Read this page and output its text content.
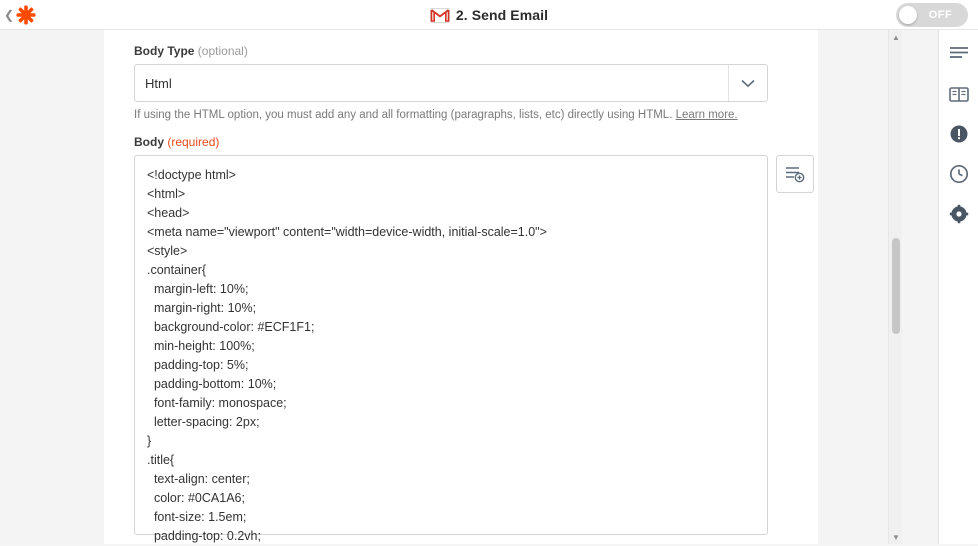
❮	2. Send Email	OFF
Body Type (optional)
Html
If using the HTML option, you must add any and all formatting (paragraphs, lists, etc) directly using HTML. Learn more.
Body (required)
<!doctype html>
<html>
<head>
<meta name="viewport" content="width=device-width, initial-scale=1.0">
<style>
.container{
margin-left: 10%;
margin-right: 10%;
background-color: #ECF1F1;
min-height: 100%;
padding-top: 5%;
padding-bottom: 10%;
font-family: monospace;
letter-spacing: 2px;
}
.title{
text-align: center;
color: #0CA1A6;
font-size: 1.5em;
padding-top: 0.2vh;
▲
▼
